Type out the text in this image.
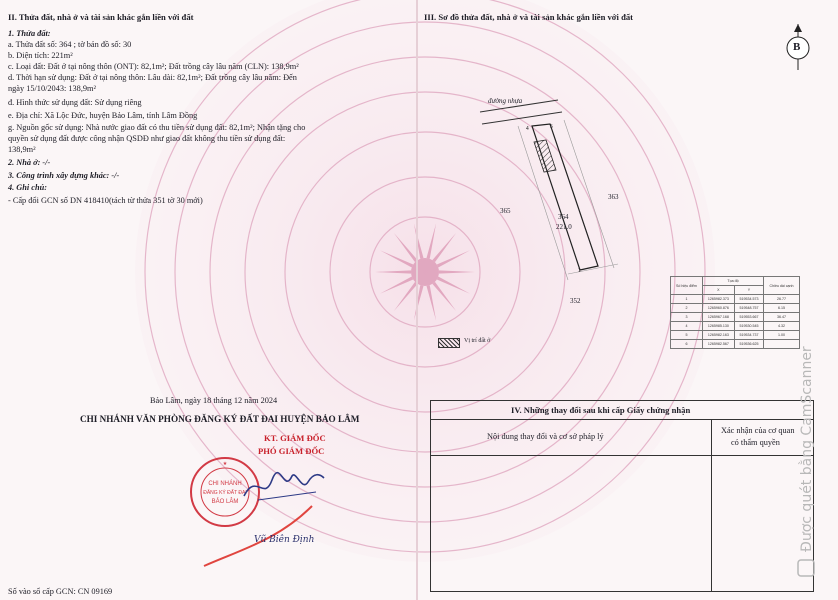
II. Thửa đất, nhà ở và tài sản khác gắn liền với đất
1. Thửa đất:
a. Thửa đất số: 364 ; tờ bản đồ số: 30
b. Diện tích: 221m²
c. Loại đất: Đất ở tại nông thôn (ONT): 82,1m²; Đất trồng cây lâu năm (CLN): 138,9m²
d. Thời hạn sử dụng: Đất ở tại nông thôn: Lâu dài: 82,1m²; Đất trồng cây lâu năm: Đến
ngày 15/10/2043: 138,9m²
đ. Hình thức sử dụng đất: Sử dụng riêng
e. Địa chỉ: Xã Lộc Đức, huyện Bảo Lâm, tỉnh Lâm Đồng
g. Nguồn gốc sử dụng: Nhà nước giao đất có thu tiền sử dụng đất: 82,1m²; Nhận tặng cho
quyền sử dụng đất được công nhận QSDĐ như giao đất không thu tiền sử dụng đất:
138,9m²
2. Nhà ở: -/-
3. Công trình xây dựng khác: -/-
4. Ghi chú:
- Cấp đổi GCN số DN 418410(tách từ thửa 351 tờ 30 mới)
Bảo Lâm, ngày 18 tháng 12 năm 2024
CHI NHÁNH VĂN PHÒNG ĐĂNG KÝ ĐẤT ĐAI HUYỆN BẢO LÂM
KT. GIÁM ĐỐC
PHÓ GIÁM ĐỐC
CHI NHÁNH
ĐĂNG KÝ ĐẤT ĐAI
BẢO LÂM
★
Vũ Biên Định
Số vào sổ cấp GCN: CN 09169
III. Sơ đồ thửa đất, nhà ở và tài sản khác gắn liền với đất
B
1
4	5
đường nhựa
364
221.0
365
363
352
Vị trí đất ở
Số hiệu điểm	Tọa độ		Chiều dài cạnh
	X	Y	
1	1265982.373	519534.573	26.77
2	1265960.876	519548.757	6.15
3	1265967.168	519553.667	36.47
4	1265985.130	519530.545	4.32
5	1265982.163	519534.737	1.00
6	1265982.567	519536.625	
IV. Những thay đổi sau khi cấp Giấy chứng nhận
Nội dung thay đổi và cơ sở pháp lý
Xác nhận của cơ quan
có thẩm quyền Được quét bằng CamScanner
